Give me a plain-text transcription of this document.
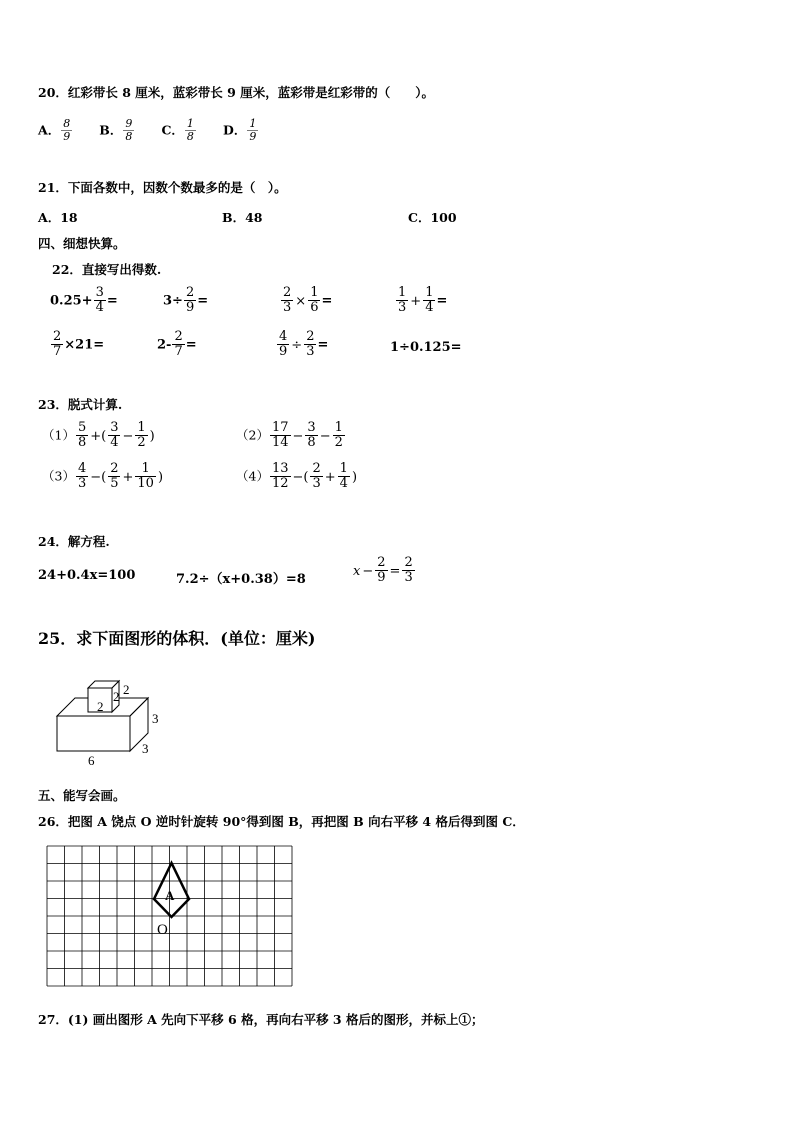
20．红彩带长 8 厘米，蓝彩带长 9 厘米，蓝彩带是红彩带的（　　）。
A． $\frac{8}{9}$ B． $\frac{9}{8}$ C． $\frac{1}{8}$ D． $\frac{1}{9}$
21．下面各数中，因数个数最多的是（　）。
A．18	B．48	C．100
四、细想快算。
22．直接写出得数.
$0.25+ \frac{3}{4}$ =	$3\div \frac{2}{9}$ =	$\frac{2}{3} \times \frac{1}{6}$ =	$\frac{1}{3} + \frac{1}{4}$ =
$\frac{2}{7} \times 21=$	$2- \frac{2}{7}$ =	$\frac{4}{9} \div \frac{2}{3}$ =	1÷0.125=
23．脱式计算.
$(1) \frac{5}{8}$ +( $\frac{3}{4} - \frac{1}{2}$ )	$(2) \frac{17}{14} - \frac{3}{8} - \frac{1}{2}$
$(3) \frac{4}{3}$ −( $\frac{2}{5} + \frac{1}{10}$ )	$(4) \frac{13}{12}$ −( $\frac{2}{3} + \frac{1}{4}$ )
24．解方程.
24+0.4x=100	7.2÷（x+0.38）=8
$x - \frac{2}{9} = \frac{2}{3}$
25．求下面图形的体积．(单位：厘米)
2
2 2
3
3
6
五、能写会画。
26．把图 A 饶点 O 逆时针旋转 90°得到图 B，再把图 B 向右平移 4 格后得到图 C．
A
O
27．(1) 画出图形 A 先向下平移 6 格，再向右平移 3 格后的图形，并标上①；
